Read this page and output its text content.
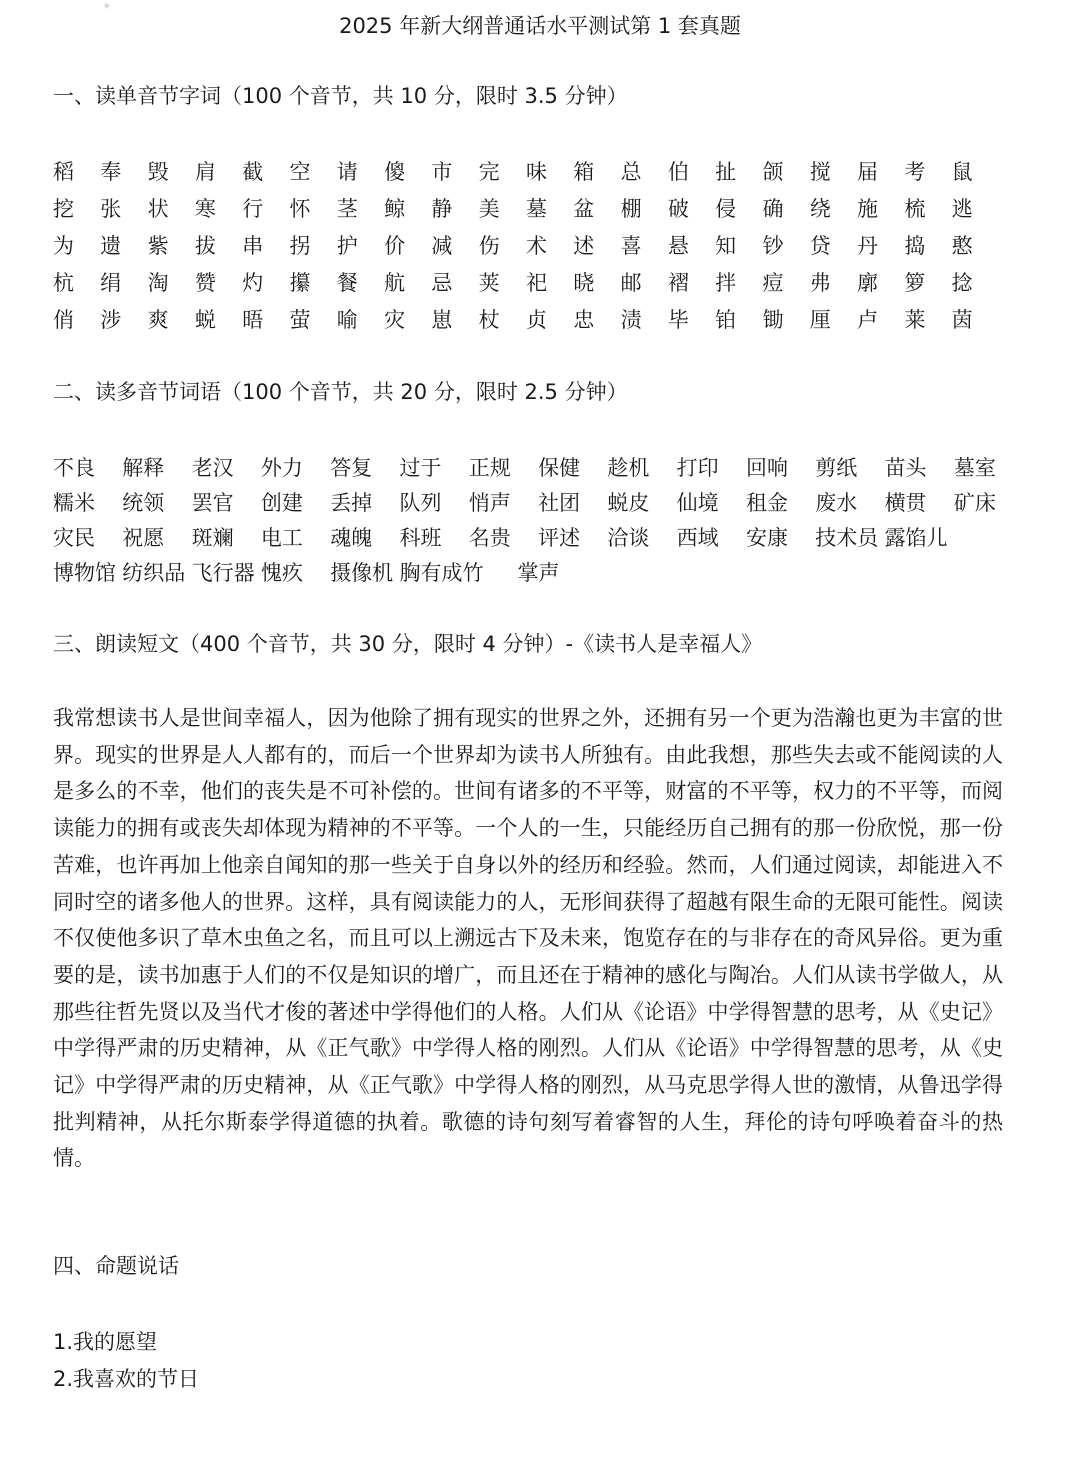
✳
2025 年新大纲普通话水平测试第 1 套真题
一、读单音节字词（100 个音节，共 10 分，限时 3.5 分钟）
稻	奉	毁	肩	截	空	请	傻	市	完	味	箱	总	伯	扯	颌	搅	届	考	鼠
挖	张	状	寒	行	怀	茎	鲸	静	美	墓	盆	棚	破	侵	确	绕	施	梳	逃
为	遗	紫	拔	串	拐	护	价	减	伤	术	述	喜	悬	知	钞	贷	丹	捣	憨
杭	绢	淘	赞	灼	攥	餐	航	忌	荚	祀	晓	邮	褶	拌	痘	弗	廓	箩	捻
俏	涉	爽	蜕	晤	萤	喻	灾	崽	杖	贞	忠	渍	毕	铂	锄	厘	卢	莱	茵
二、读多音节词语（100 个音节，共 20 分，限时 2.5 分钟）
不良	解释	老汉	外力	答复	过于	正规	保健	趁机	打印	回响	剪纸	苗头	墓室
糯米	统领	罢官	创建	丢掉	队列	悄声	社团	蜕皮	仙境	租金	废水	横贯	矿床
灾民	祝愿	斑斓	电工	魂魄	科班	名贵	评述	洽谈	西域	安康	技术员 露馅儿
博物馆 纺织品 飞行器 愧疚	摄像机 胸有成竹	掌声
三、朗读短文（400 个音节，共 30 分，限时 4 分钟）-《读书人是幸福人》
我常想读书人是世间幸福人，因为他除了拥有现实的世界之外，还拥有另一个更为浩瀚也更为丰富的世界。现实的世界是人人都有的，而后一个世界却为读书人所独有。由此我想，那些失去或不能阅读的人是多么的不幸，他们的丧失是不可补偿的。世间有诸多的不平等，财富的不平等，权力的不平等，而阅读能力的拥有或丧失却体现为精神的不平等。一个人的一生，只能经历自己拥有的那一份欣悦，那一份苦难，也许再加上他亲自闻知的那一些关于自身以外的经历和经验。然而，人们通过阅读，却能进入不同时空的诸多他人的世界。这样，具有阅读能力的人，无形间获得了超越有限生命的无限可能性。阅读不仅使他多识了草木虫鱼之名，而且可以上溯远古下及未来，饱览存在的与非存在的奇风异俗。更为重要的是，读书加惠于人们的不仅是知识的增广，而且还在于精神的感化与陶冶。人们从读书学做人，从那些往哲先贤以及当代才俊的著述中学得他们的人格。人们从《论语》中学得智慧的思考，从《史记》中学得严肃的历史精神，从《正气歌》中学得人格的刚烈。人们从《论语》中学得智慧的思考，从《史记》中学得严肃的历史精神，从《正气歌》中学得人格的刚烈，从马克思学得人世的激情，从鲁迅学得批判精神，从托尔斯泰学得道德的执着。歌德的诗句刻写着睿智的人生，拜伦的诗句呼唤着奋斗的热情。
四、命题说话
1.我的愿望
2.我喜欢的节日
